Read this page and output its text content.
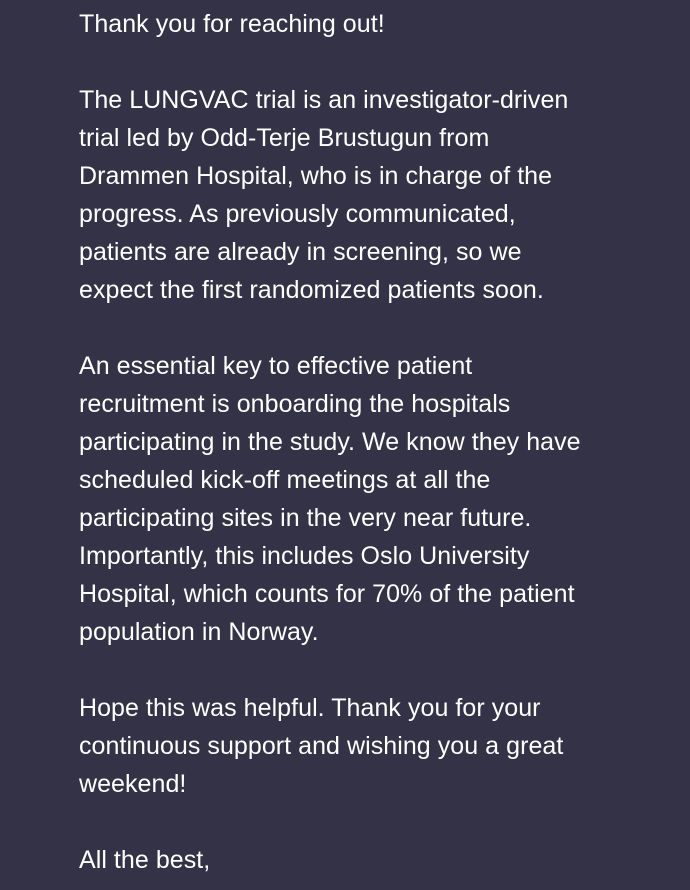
Thank you for reaching out!
The LUNGVAC trial is an investigator-driven
trial led by Odd-Terje Brustugun from
Drammen Hospital, who is in charge of the
progress. As previously communicated,
patients are already in screening, so we
expect the first randomized patients soon.
An essential key to effective patient
recruitment is onboarding the hospitals
participating in the study. We know they have
scheduled kick-off meetings at all the
participating sites in the very near future.
Importantly, this includes Oslo University
Hospital, which counts for 70% of the patient
population in Norway.
Hope this was helpful. Thank you for your
continuous support and wishing you a great
weekend!
All the best,
